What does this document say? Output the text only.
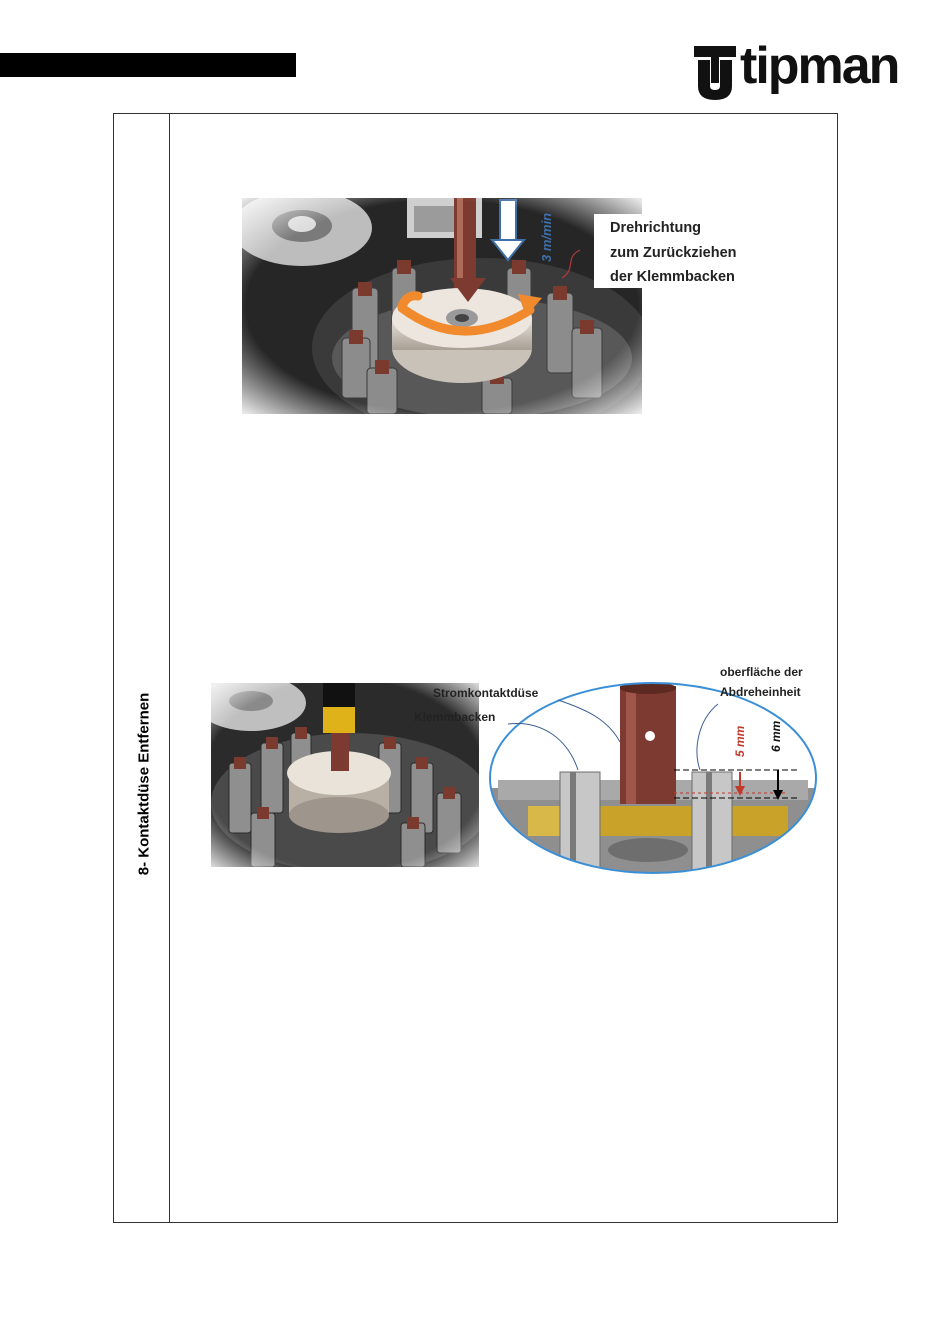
tipman
8- Kontaktdüse Entfernen
3 m/min	Drehrichtung
zum Zurückziehen
der Klemmbacken
Stromkontaktdüse
Klemmbacken
oberfläche der
Abdreheinheit
5 mm 6 mm
